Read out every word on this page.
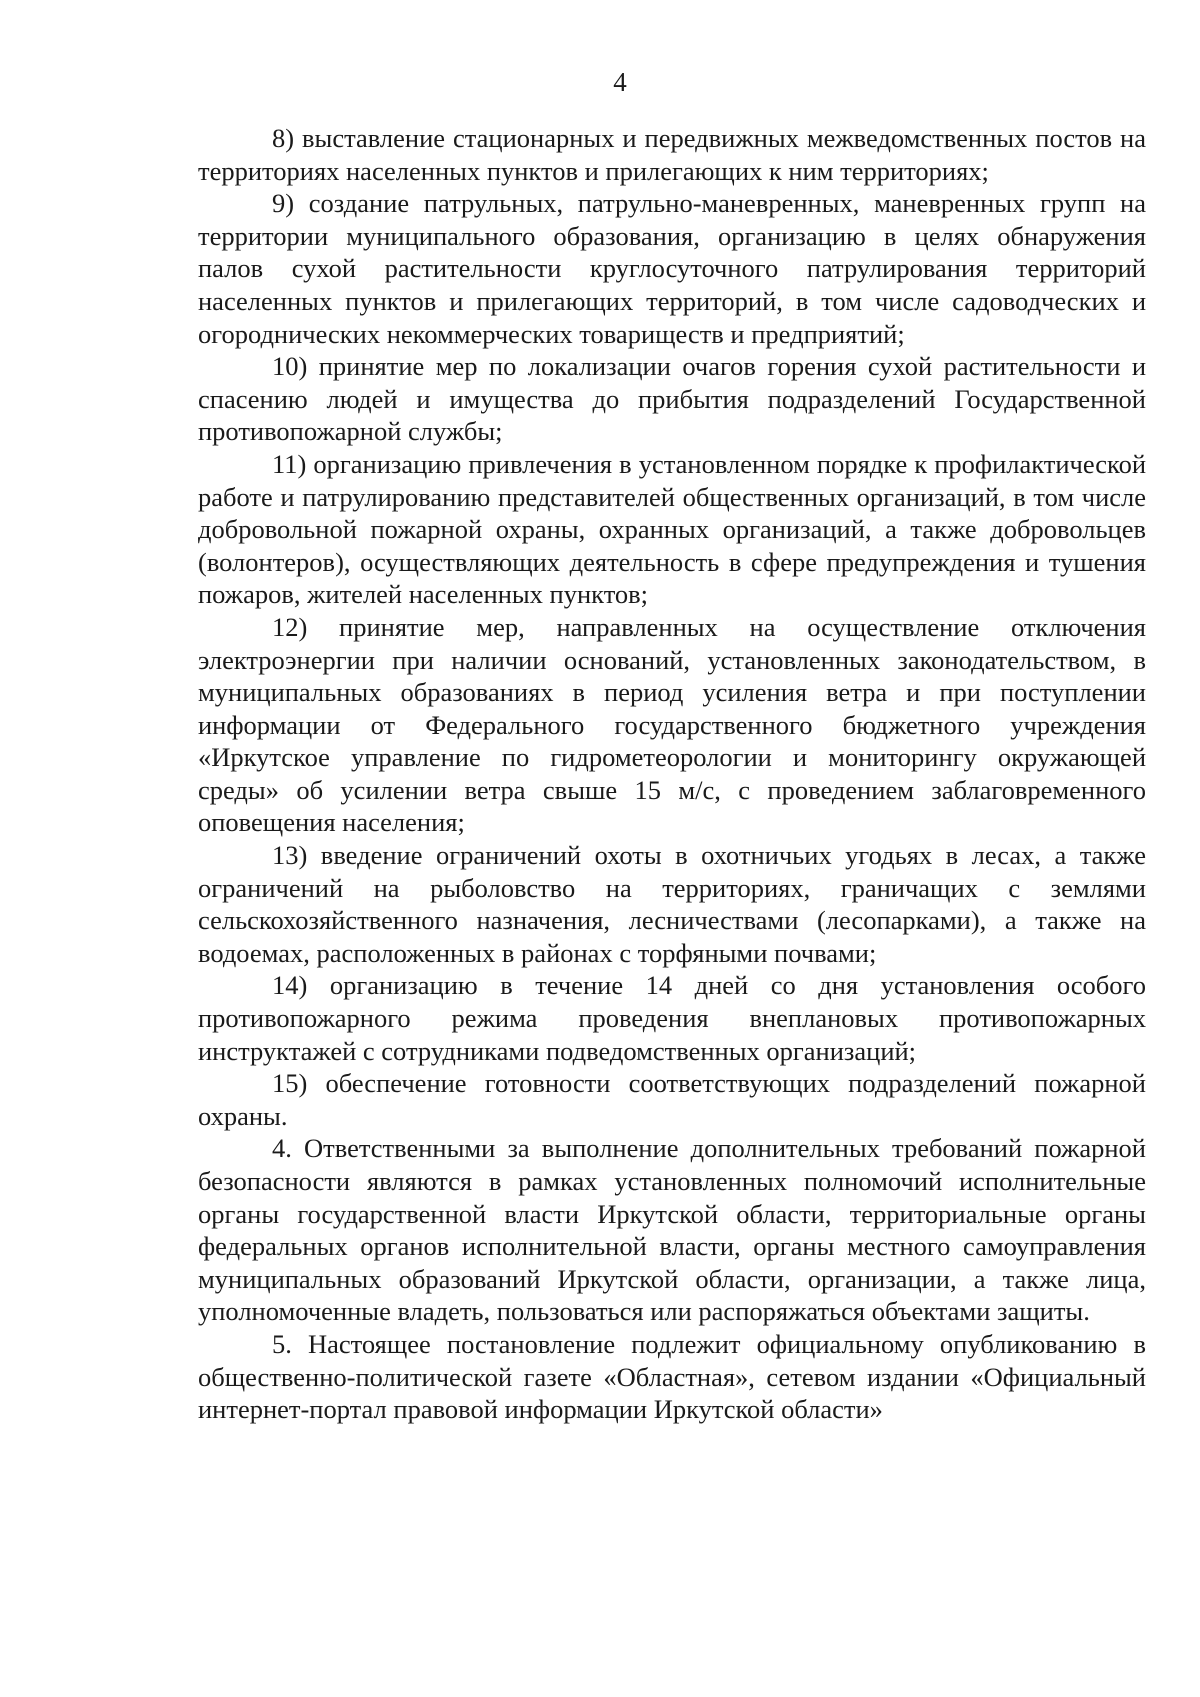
4

8) выставление стационарных и передвижных межведомственных постов на территориях населенных пунктов и прилегающих к ним территориях;

9) создание патрульных, патрульно-маневренных, маневренных групп на территории муниципального образования, организацию в целях обнаружения палов сухой растительности круглосуточного патрулирования территорий населенных пунктов и прилегающих территорий, в том числе садоводческих и огороднических некоммерческих товариществ и предприятий;

10) принятие мер по локализации очагов горения сухой растительности и спасению людей и имущества до прибытия подразделений Государственной противопожарной службы;

11) организацию привлечения в установленном порядке к профилактической работе и патрулированию представителей общественных организаций, в том числе добровольной пожарной охраны, охранных организаций, а также добровольцев (волонтеров), осуществляющих деятельность в сфере предупреждения и тушения пожаров, жителей населенных пунктов;

12) принятие мер, направленных на осуществление отключения электроэнергии при наличии оснований, установленных законодательством, в муниципальных образованиях в период усиления ветра и при поступлении информации от Федерального государственного бюджетного учреждения «Иркутское управление по гидрометеорологии и мониторингу окружающей среды» об усилении ветра свыше 15 м/с, с проведением заблаговременного оповещения населения;

13) введение ограничений охоты в охотничьих угодьях в лесах, а также ограничений на рыболовство на территориях, граничащих с землями сельскохозяйственного назначения, лесничествами (лесопарками), а также на водоемах, расположенных в районах с торфяными почвами;

14) организацию в течение 14 дней со дня установления особого противопожарного режима проведения внеплановых противопожарных инструктажей с сотрудниками подведомственных организаций;

15) обеспечение готовности соответствующих подразделений пожарной охраны.

4. Ответственными за выполнение дополнительных требований пожарной безопасности являются в рамках установленных полномочий исполнительные органы государственной власти Иркутской области, территориальные органы федеральных органов исполнительной власти, органы местного самоуправления муниципальных образований Иркутской области, организации, а также лица, уполномоченные владеть, пользоваться или распоряжаться объектами защиты.

5. Настоящее постановление подлежит официальному опубликованию в общественно-политической газете «Областная», сетевом издании «Официальный интернет-портал правовой информации Иркутской области»
